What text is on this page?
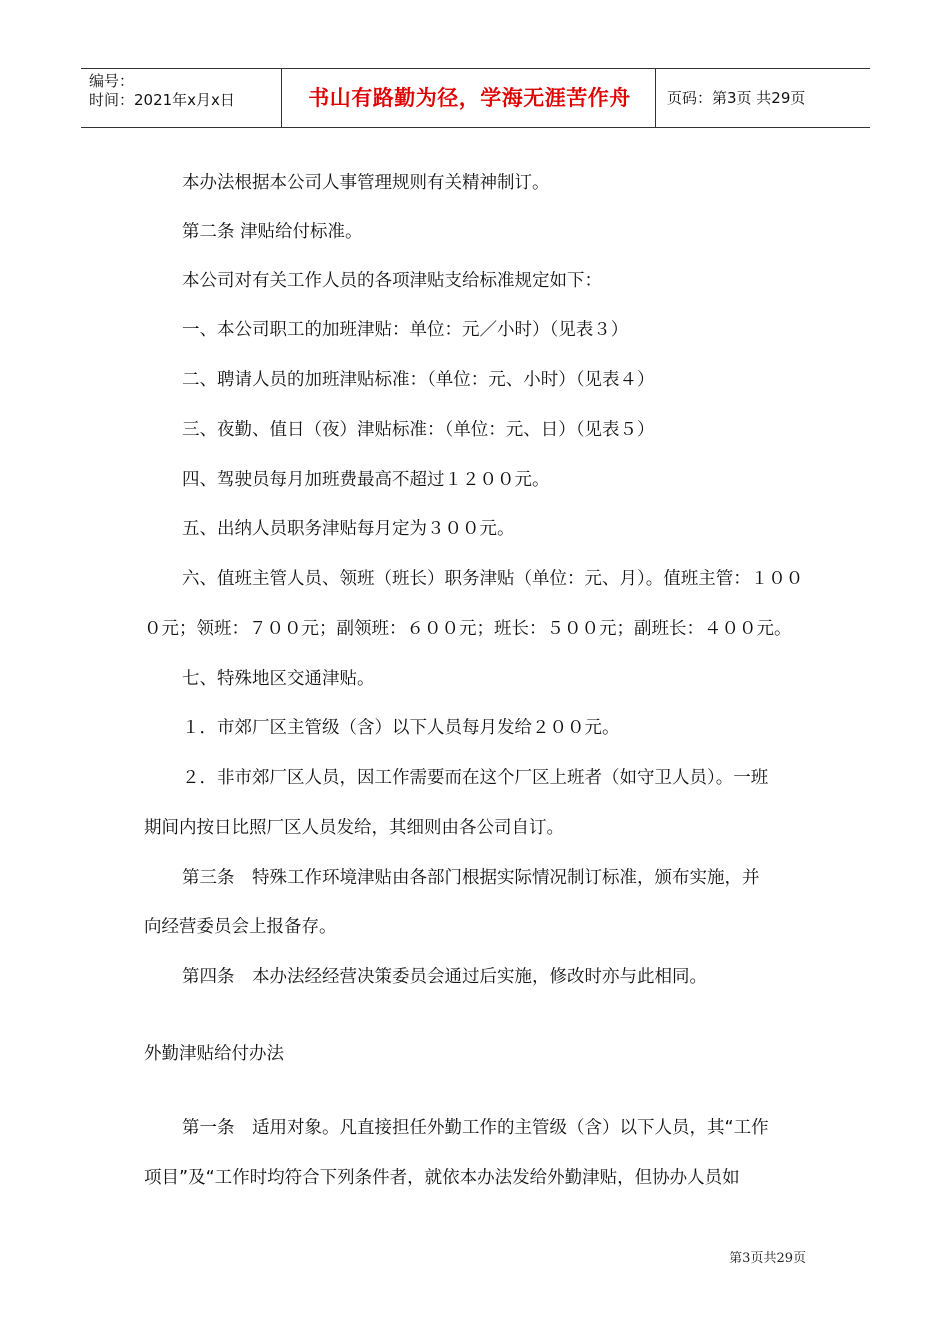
编号：
时间：2021年x月x日	书山有路勤为径，学海无涯苦作舟	页码：第3页 共29页
本办法根据本公司人事管理规则有关精神制订。
第二条 津贴给付标准。
本公司对有关工作人员的各项津贴支给标准规定如下：
一、本公司职工的加班津贴：单位：元／小时）（见表３）
二、聘请人员的加班津贴标准：（单位：元、小时）（见表４）
三、夜勤、值日（夜）津贴标准：（单位：元、日）（见表５）
四、驾驶员每月加班费最高不超过１２００元。
五、出纳人员职务津贴每月定为３００元。
六、值班主管人员、领班（班长）职务津贴（单位：元、月）。值班主管：１００
０元；领班：７００元；副领班：６００元；班长：５００元；副班长：４００元。
七、特殊地区交通津贴。
１．市郊厂区主管级（含）以下人员每月发给２００元。
２．非市郊厂区人员，因工作需要而在这个厂区上班者（如守卫人员）。一班
期间内按日比照厂区人员发给，其细则由各公司自订。
第三条　特殊工作环境津贴由各部门根据实际情况制订标准，颁布实施，并
向经营委员会上报备存。
第四条　本办法经经营决策委员会通过后实施，修改时亦与此相同。
外勤津贴给付办法
第一条　适用对象。凡直接担任外勤工作的主管级（含）以下人员，其“工作
项目”及“工作时均符合下列条件者，就依本办法发给外勤津贴，但协办人员如
第3页共29页
